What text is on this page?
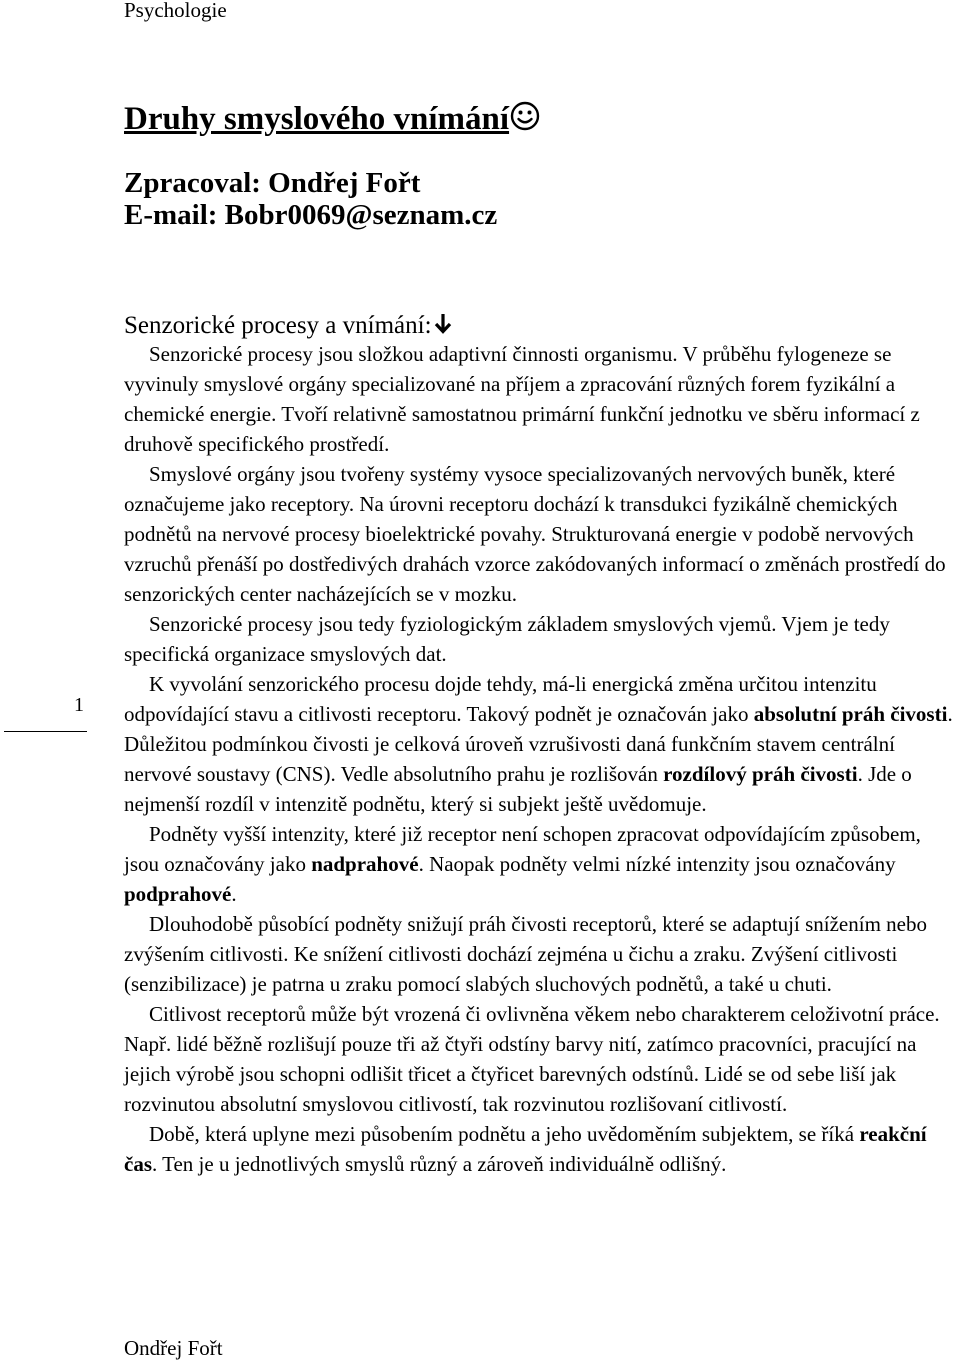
Psychologie
Druhy smyslového vnímání
Zpracoval: Ondřej Fořt
E-mail: Bobr0069@seznam.cz
Senzorické procesy a vnímání:

Senzorické procesy jsou složkou adaptivní činnosti organismu. V průběhu fylogeneze se vyvinuly smyslové orgány specializované na příjem a zpracování různých forem fyzikální a chemické energie. Tvoří relativně samostatnou primární funkční jednotku ve sběru informací z druhově specifického prostředí.

Smyslové orgány jsou tvořeny systémy vysoce specializovaných nervových buněk, které označujeme jako receptory. Na úrovni receptoru dochází k transdukci fyzikálně chemických podnětů na nervové procesy bioelektrické povahy. Strukturovaná energie v podobě nervových vzruchů přenáší po dostředivých drahách vzorce zakódovaných informací o změnách prostředí do senzorických center nacházejících se v mozku.

Senzorické procesy jsou tedy fyziologickým základem smyslových vjemů. Vjem je tedy specifická organizace smyslových dat.

K vyvolání senzorického procesu dojde tehdy, má-li energická změna určitou intenzitu odpovídající stavu a citlivosti receptoru. Takový podnět je označován jako absolutní práh čivosti. Důležitou podmínkou čivosti je celková úroveň vzrušivosti daná funkčním stavem centrální nervové soustavy (CNS). Vedle absolutního prahu je rozlišován rozdílový práh čivosti. Jde o nejmenší rozdíl v intenzitě podnětu, který si subjekt ještě uvědomuje.

Podněty vyšší intenzity, které již receptor není schopen zpracovat odpovídajícím způsobem, jsou označovány jako nadprahové. Naopak podněty velmi nízké intenzity jsou označovány podprahové.

Dlouhodobě působící podněty snižují práh čivosti receptorů, které se adaptují snížením nebo zvýšením citlivosti. Ke snížení citlivosti dochází zejména u čichu a zraku. Zvýšení citlivosti (senzibilizace) je patrna u zraku pomocí slabých sluchových podnětů, a také u chuti.

Citlivost receptorů může být vrozená či ovlivněna věkem nebo charakterem celoživotní práce. Např. lidé běžně rozlišují pouze tři až čtyři odstíny barvy nití, zatímco pracovníci, pracující na jejich výrobě jsou schopni odlišit třicet a čtyřicet barevných odstínů. Lidé se od sebe liší jak rozvinutou absolutní smyslovou citlivostí, tak rozvinutou rozlišovaní citlivostí.

Době, která uplyne mezi působením podnětu a jeho uvědoměním subjektem, se říká reakční čas. Ten je u jednotlivých smyslů různý a zároveň individuálně odlišný.

1
Ondřej Fořt
